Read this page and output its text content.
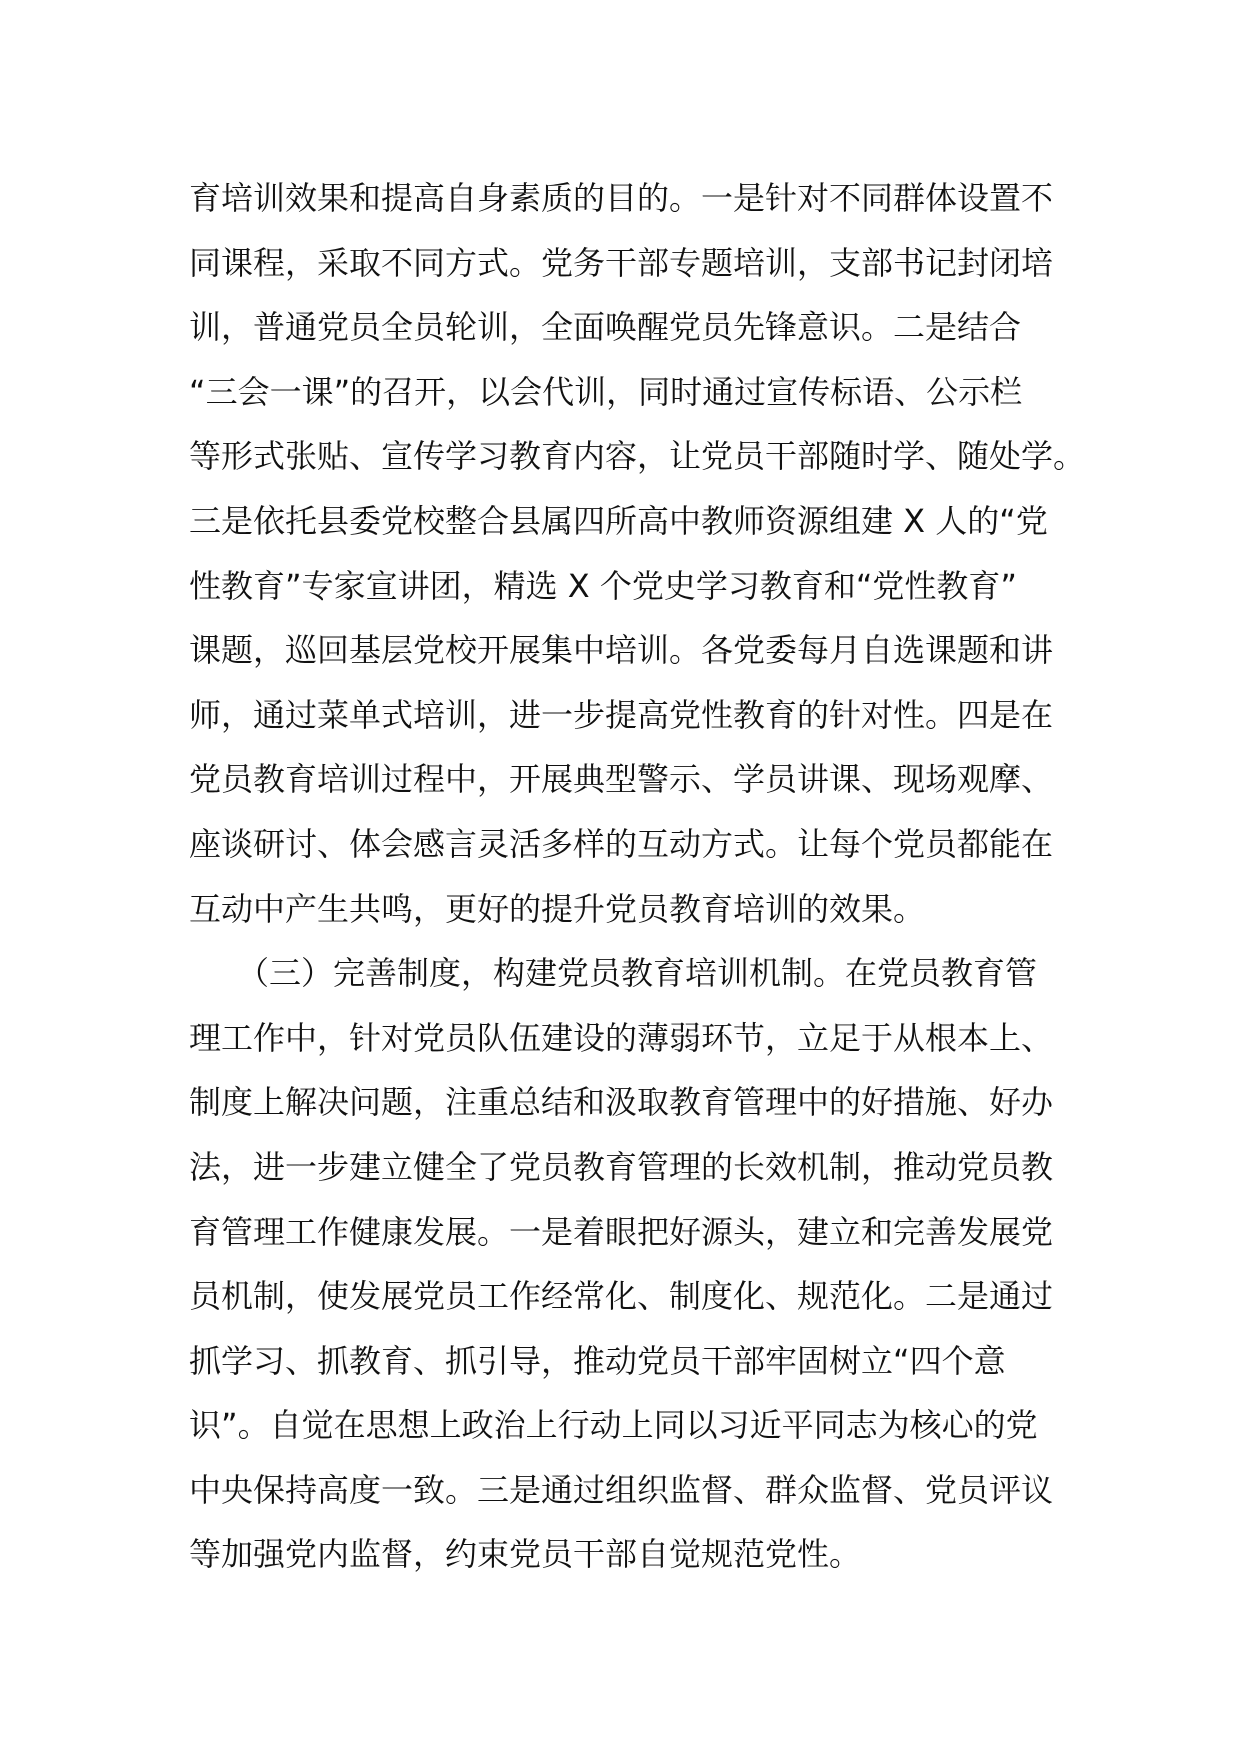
育培训效果和提高自身素质的目的。一是针对不同群体设置不
同课程，采取不同方式。党务干部专题培训，支部书记封闭培
训，普通党员全员轮训，全面唤醒党员先锋意识。二是结合
“三会一课”的召开，以会代训，同时通过宣传标语、公示栏
等形式张贴、宣传学习教育内容，让党员干部随时学、随处学。
三是依托县委党校整合县属四所高中教师资源组建 X 人的“党
性教育”专家宣讲团，精选 X 个党史学习教育和“党性教育”
课题，巡回基层党校开展集中培训。各党委每月自选课题和讲
师，通过菜单式培训，进一步提高党性教育的针对性。四是在
党员教育培训过程中，开展典型警示、学员讲课、现场观摩、
座谈研讨、体会感言灵活多样的互动方式。让每个党员都能在
互动中产生共鸣，更好的提升党员教育培训的效果。
　　（三）完善制度，构建党员教育培训机制。在党员教育管
理工作中，针对党员队伍建设的薄弱环节，立足于从根本上、
制度上解决问题，注重总结和汲取教育管理中的好措施、好办
法，进一步建立健全了党员教育管理的长效机制，推动党员教
育管理工作健康发展。一是着眼把好源头，建立和完善发展党
员机制，使发展党员工作经常化、制度化、规范化。二是通过
抓学习、抓教育、抓引导，推动党员干部牢固树立“四个意
识”。自觉在思想上政治上行动上同以习近平同志为核心的党
中央保持高度一致。三是通过组织监督、群众监督、党员评议
等加强党内监督，约束党员干部自觉规范党性。
